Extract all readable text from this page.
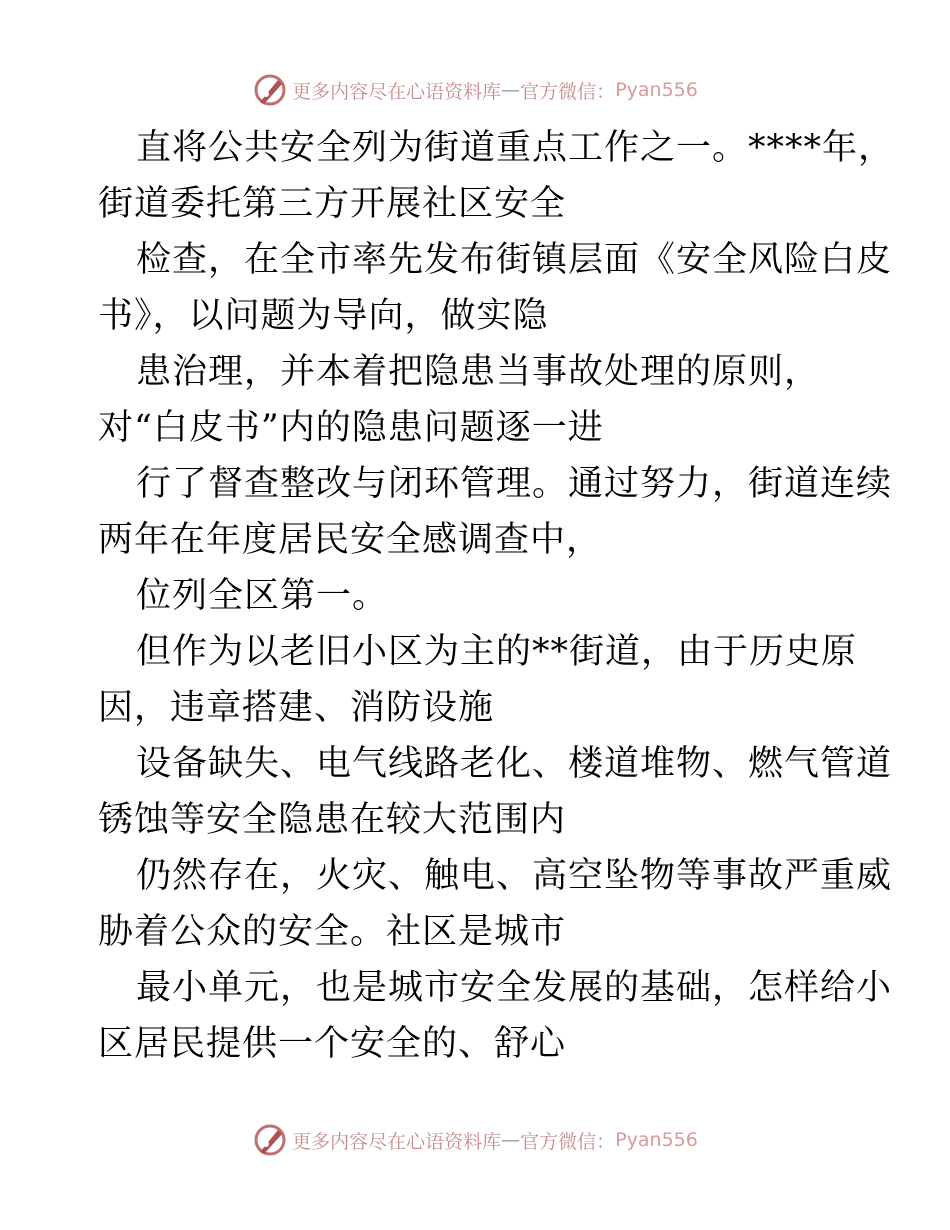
更多内容尽在心语资料库 — 官方微信： Pyan556
直将公共安全列为街道重点工作之一。****年，
街道委托第三方开展社区安全
检查，在全市率先发布街镇层面《安全风险白皮
书》，以问题为导向，做实隐
患治理，并本着把隐患当事故处理的原则，
对“白皮书”内的隐患问题逐一进
行了督查整改与闭环管理。通过努力，街道连续
两年在年度居民安全感调查中，
位列全区第一。
但作为以老旧小区为主的**街道，由于历史原
因，违章搭建、消防设施
设备缺失、电气线路老化、楼道堆物、燃气管道
锈蚀等安全隐患在较大范围内
仍然存在，火灾、触电、高空坠物等事故严重威
胁着公众的安全。社区是城市
最小单元，也是城市安全发展的基础，怎样给小
区居民提供一个安全的、舒心
更多内容尽在心语资料库 — 官方微信： Pyan556
